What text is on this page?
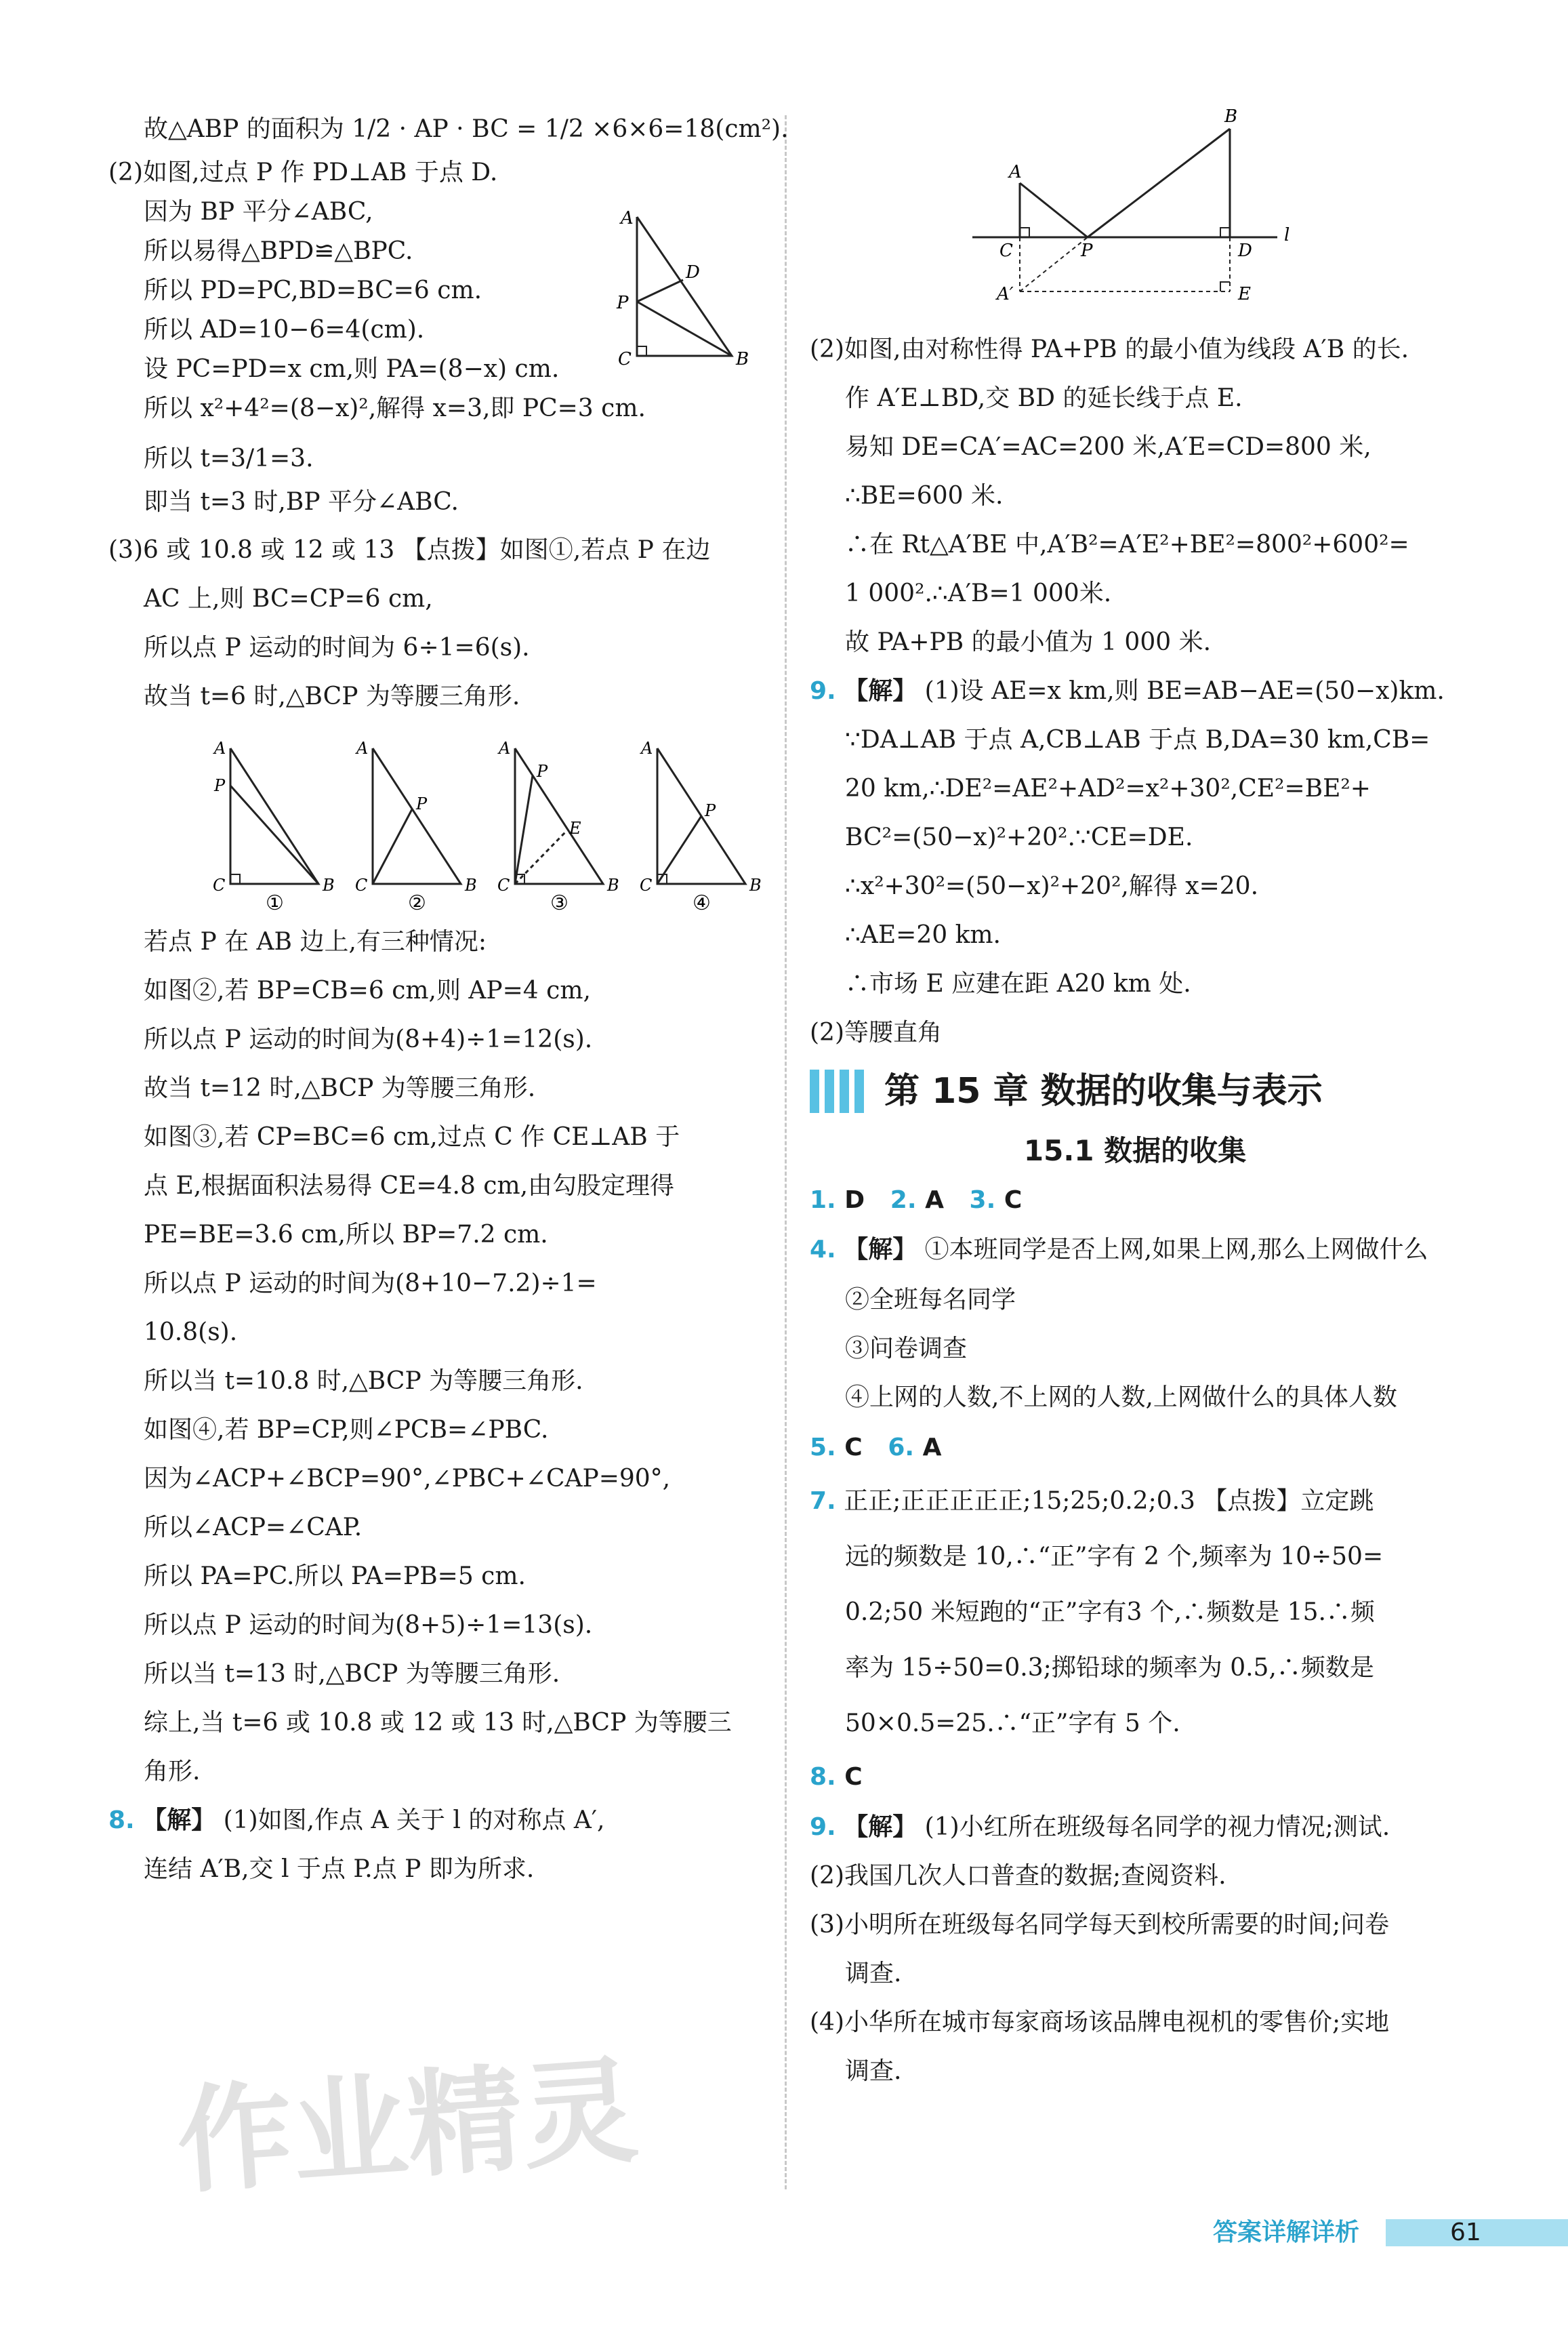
故△ABP 的面积为 1/2 · AP · BC = 1/2 ×6×6=18(cm²).
(2)如图,过点 P 作 PD⊥AB 于点 D.
因为 BP 平分∠ABC,
所以易得△BPD≌△BPC.
所以 PD=PC,BD=BC=6 cm.
所以 AD=10−6=4(cm).
设 PC=PD=x cm,则 PA=(8−x) cm.
所以 x²+4²=(8−x)²,解得 x=3,即 PC=3 cm.
A
D
P
C	B
所以 t=3/1=3.
即当 t=3 时,BP 平分∠ABC.
(3)6 或 10.8 或 12 或 13 【点拨】如图①,若点 P 在边
AC 上,则 BC=CP=6 cm,
所以点 P 运动的时间为 6÷1=6(s).
故当 t=6 时,△BCP 为等腰三角形.
A
P
C	B
A
P
C	B
A
P
E
C	B
A
P
C	B
①	②	③	④
若点 P 在 AB 边上,有三种情况:
如图②,若 BP=CB=6 cm,则 AP=4 cm,
所以点 P 运动的时间为(8+4)÷1=12(s).
故当 t=12 时,△BCP 为等腰三角形.
如图③,若 CP=BC=6 cm,过点 C 作 CE⊥AB 于
点 E,根据面积法易得 CE=4.8 cm,由勾股定理得
PE=BE=3.6 cm,所以 BP=7.2 cm.
所以点 P 运动的时间为(8+10−7.2)÷1=
10.8(s).
所以当 t=10.8 时,△BCP 为等腰三角形.
如图④,若 BP=CP,则∠PCB=∠PBC.
因为∠ACP+∠BCP=90°,∠PBC+∠CAP=90°,
所以∠ACP=∠CAP.
所以 PA=PC.所以 PA=PB=5 cm.
所以点 P 运动的时间为(8+5)÷1=13(s).
所以当 t=13 时,△BCP 为等腰三角形.
综上,当 t=6 或 10.8 或 12 或 13 时,△BCP 为等腰三
角形.
8. 【解】 (1)如图,作点 A 关于 l 的对称点 A′,
连结 A′B,交 l 于点 P.点 P 即为所求.
A
B
C	P	D
l
A′	E
(2)如图,由对称性得 PA+PB 的最小值为线段 A′B 的长.
作 A′E⊥BD,交 BD 的延长线于点 E.
易知 DE=CA′=AC=200 米,A′E=CD=800 米,
∴BE=600 米.
∴在 Rt△A′BE 中,A′B²=A′E²+BE²=800²+600²=
1 000².∴A′B=1 000米.
故 PA+PB 的最小值为 1 000 米.
9. 【解】 (1)设 AE=x km,则 BE=AB−AE=(50−x)km.
∵DA⊥AB 于点 A,CB⊥AB 于点 B,DA=30 km,CB=
20 km,∴DE²=AE²+AD²=x²+30²,CE²=BE²+
BC²=(50−x)²+20².∵CE=DE.
∴x²+30²=(50−x)²+20²,解得 x=20.
∴AE=20 km.
∴市场 E 应建在距 A20 km 处.
(2)等腰直角
第 15 章 数据的收集与表示
15.1 数据的收集
1. D 2. A 3. C
4. 【解】 ①本班同学是否上网,如果上网,那么上网做什么
②全班每名同学
③问卷调查
④上网的人数,不上网的人数,上网做什么的具体人数
5. C 6. A
7. 正正;正正正正正;15;25;0.2;0.3 【点拨】立定跳
远的频数是 10,∴“正”字有 2 个,频率为 10÷50=
0.2;50 米短跑的“正”字有3 个,∴频数是 15.∴频
率为 15÷50=0.3;掷铅球的频率为 0.5,∴频数是
50×0.5=25.∴“正”字有 5 个.
8. C
9. 【解】 (1)小红所在班级每名同学的视力情况;测试.
(2)我国几次人口普查的数据;查阅资料.
(3)小明所在班级每名同学每天到校所需要的时间;问卷
调查.
(4)小华所在城市每家商场该品牌电视机的零售价;实地
调查.
作业精灵
答案详解详析	61
